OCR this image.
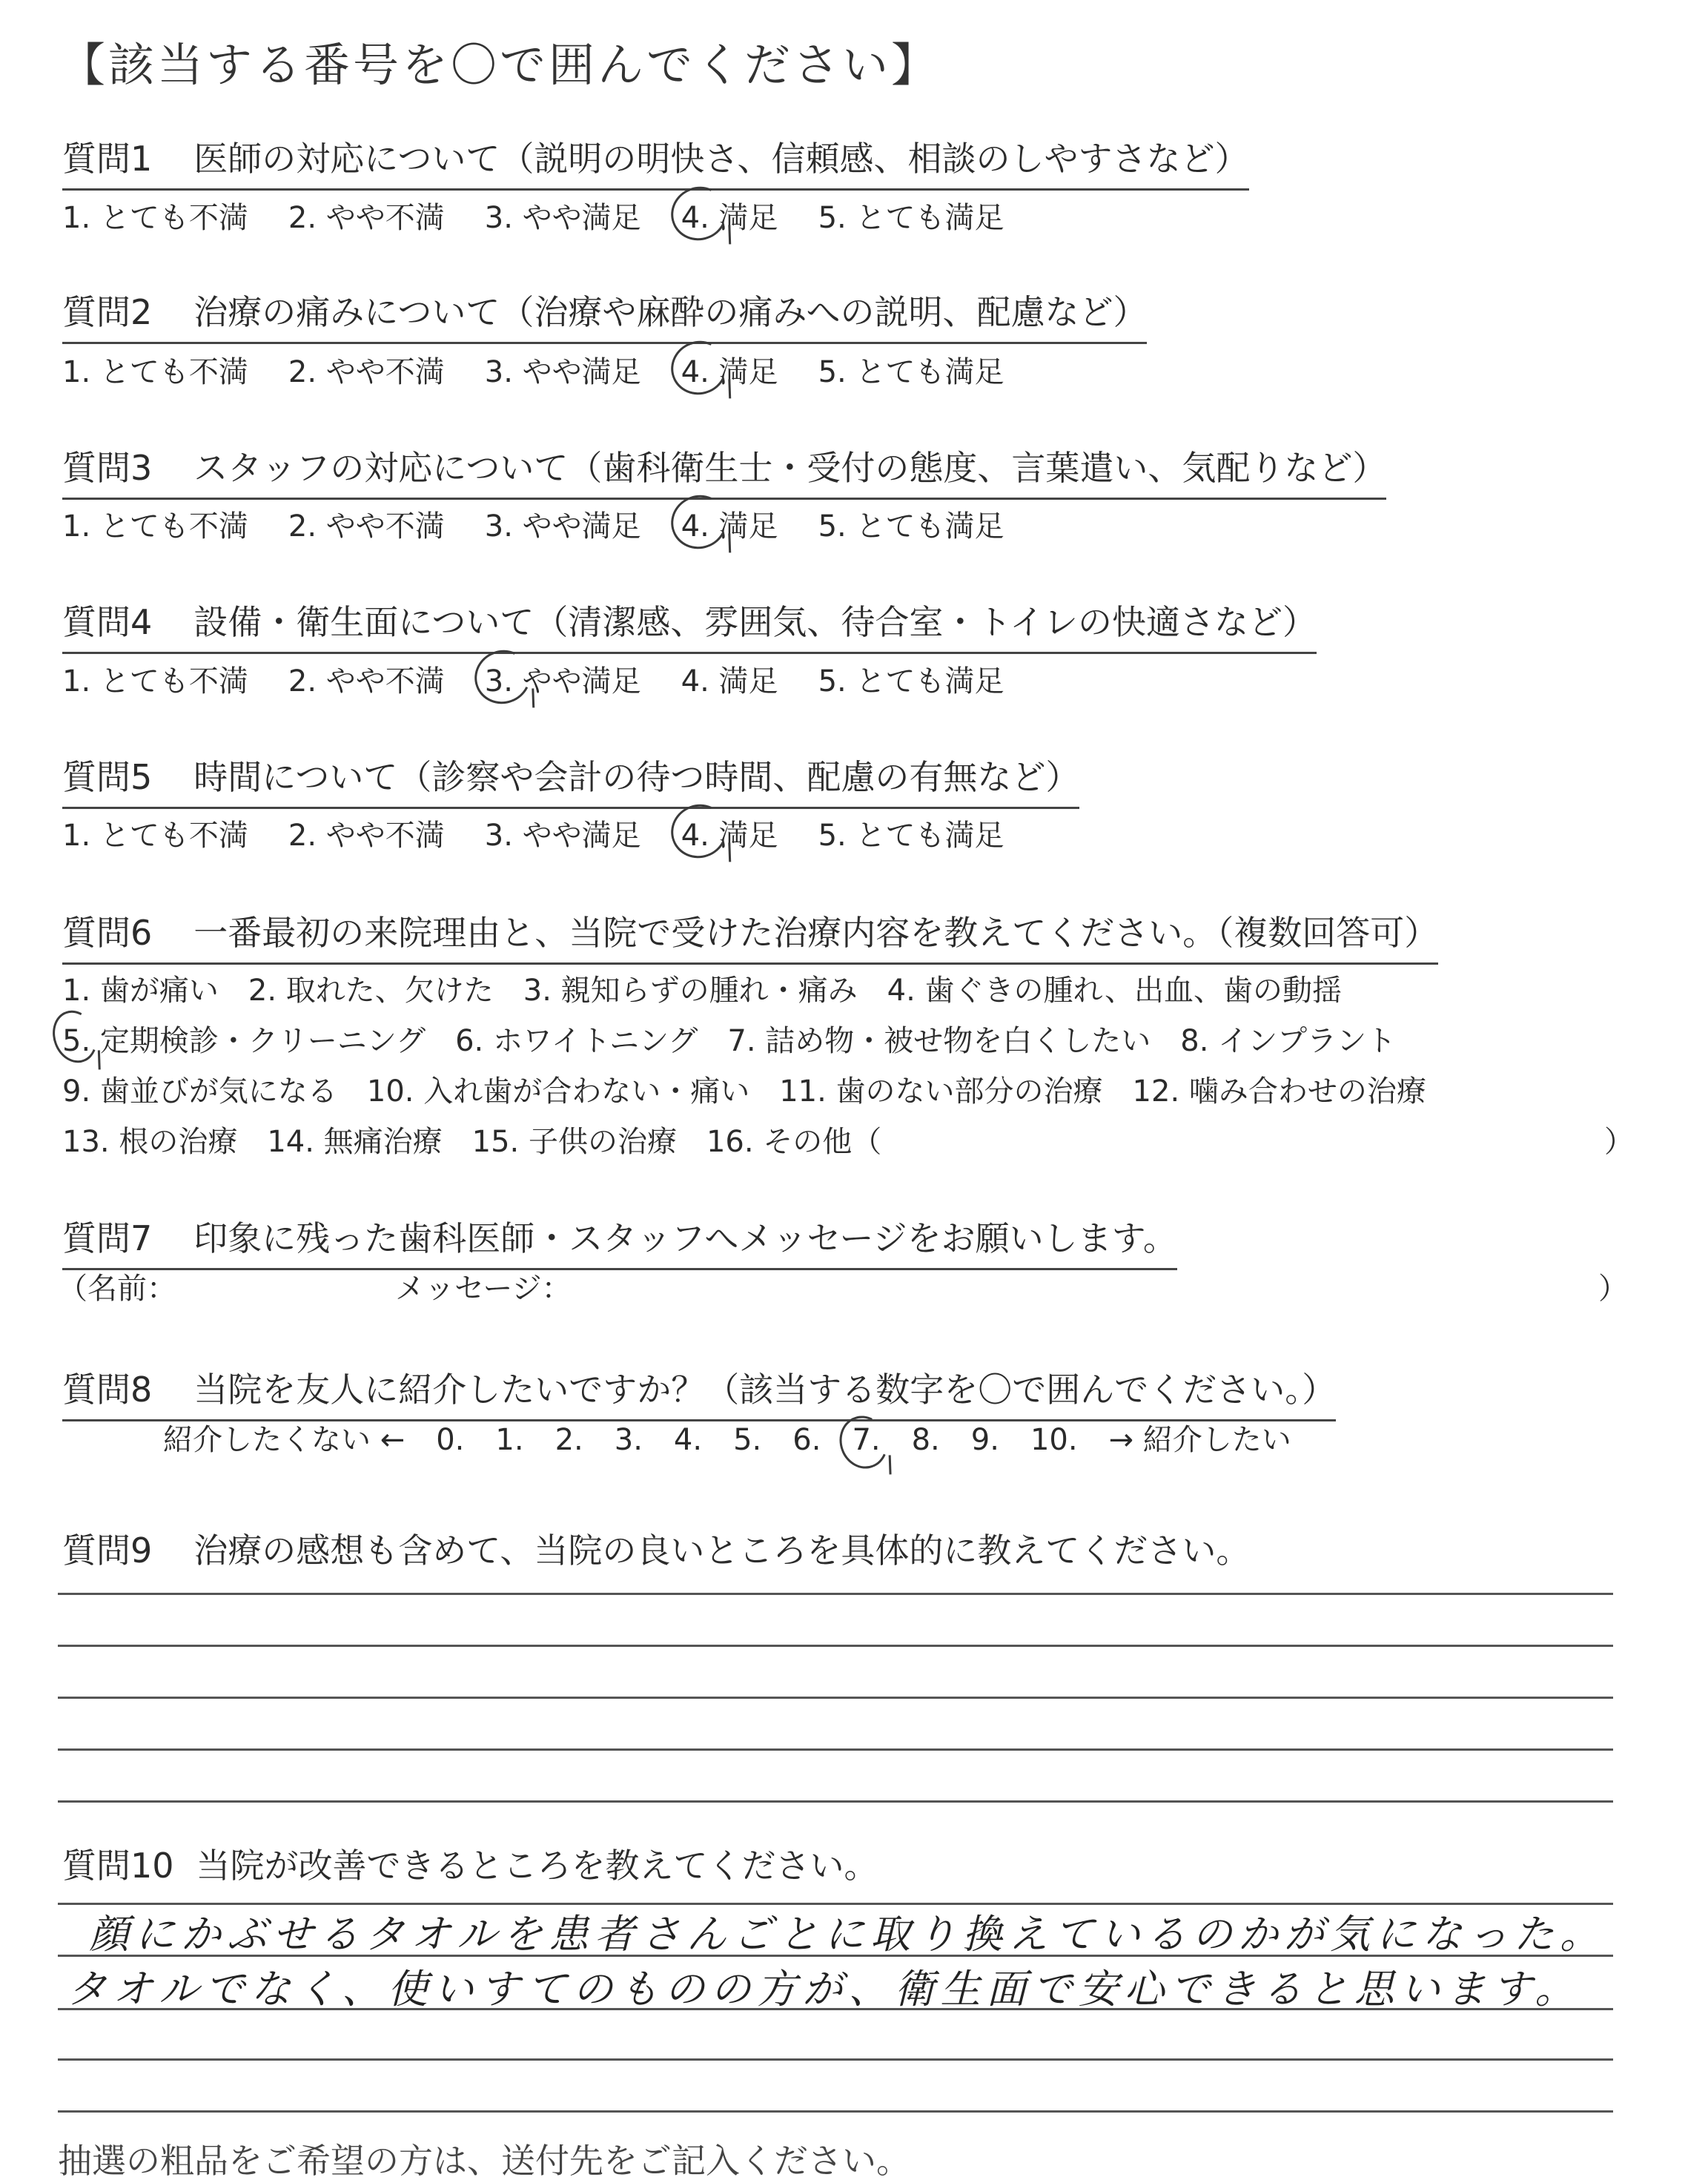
【該当する番号を〇で囲んでください】
質問1 医師の対応について（説明の明快さ、信頼感、相談のしやすさなど）
1. とても不満 2. やや不満 3. やや満足 4. 満足 5. とても満足
質問2 治療の痛みについて（治療や麻酔の痛みへの説明、配慮など）
1. とても不満 2. やや不満 3. やや満足 4. 満足 5. とても満足
質問3 スタッフの対応について（歯科衛生士・受付の態度、言葉遣い、気配りなど）
1. とても不満 2. やや不満 3. やや満足 4. 満足 5. とても満足
質問4 設備・衛生面について（清潔感、雰囲気、待合室・トイレの快適さなど）
1. とても不満 2. やや不満 3. やや満足 4. 満足 5. とても満足
質問5 時間について（診察や会計の待つ時間、配慮の有無など）
1. とても不満 2. やや不満 3. やや満足 4. 満足 5. とても満足
質問6 一番最初の来院理由と、当院で受けた治療内容を教えてください。（複数回答可）
1. 歯が痛い 2. 取れた、欠けた 3. 親知らずの腫れ・痛み 4. 歯ぐきの腫れ、出血、歯の動揺
5. 定期検診・クリーニング 6. ホワイトニング 7. 詰め物・被せ物を白くしたい 8. インプラント
9. 歯並びが気になる 10. 入れ歯が合わない・痛い 11. 歯のない部分の治療 12. 噛み合わせの治療
13. 根の治療 14. 無痛治療 15. 子供の治療 16. その他（	）
質問7 印象に残った歯科医師・スタッフへメッセージをお願いします。
（名前：	メッセージ：	）
質問8 当院を友人に紹介したいですか？（該当する数字を〇で囲んでください。）
紹介したくない ← 0. 1. 2. 3. 4. 5. 6. 7. 8. 9. 10. → 紹介したい
質問9 治療の感想も含めて、当院の良いところを具体的に教えてください。
質問10 当院が改善できるところを教えてください。
顔にかぶせるタオルを患者さんごとに取り換えているのかが気になった。
タオルでなく、使いすてのものの方が、衛生面で安心できると思います。
抽選の粗品をご希望の方は、送付先をご記入ください。
